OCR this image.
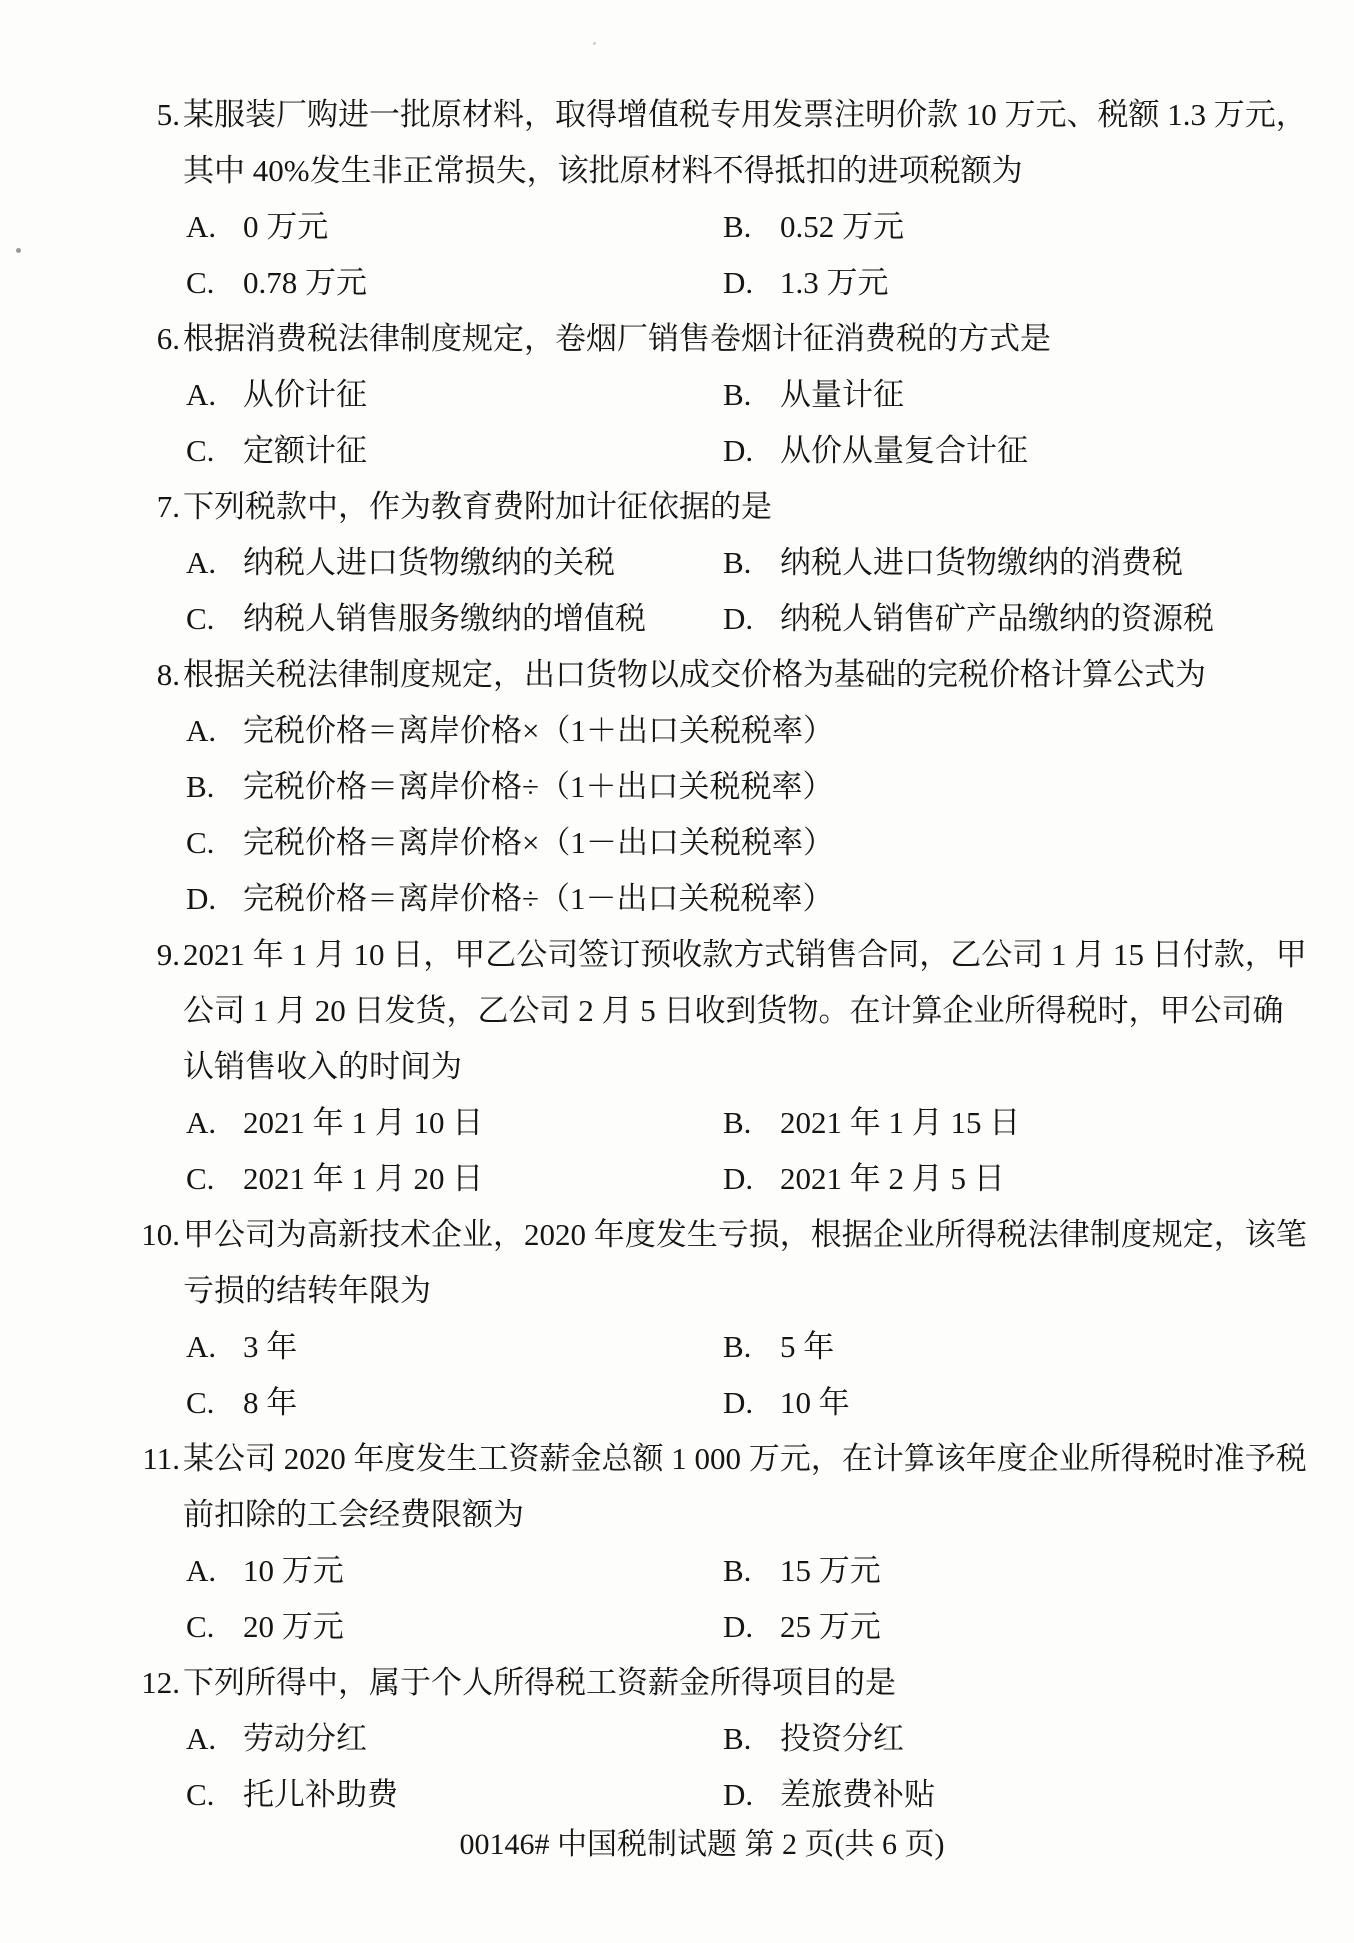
00146# 中国税制试题 第 2 页(共 6 页)
5. 某服装厂购进一批原材料，取得增值税专用发票注明价款 10 万元、税额 1.3 万元，
其中 40%发生非正常损失，该批原材料不得抵扣的进项税额为
A. 0 万元	B. 0.52 万元
C. 0.78 万元	D. 1.3 万元
6. 根据消费税法律制度规定，卷烟厂销售卷烟计征消费税的方式是
A. 从价计征	B. 从量计征
C. 定额计征	D. 从价从量复合计征
7. 下列税款中，作为教育费附加计征依据的是
A. 纳税人进口货物缴纳的关税	B. 纳税人进口货物缴纳的消费税
C. 纳税人销售服务缴纳的增值税 D. 纳税人销售矿产品缴纳的资源税
8. 根据关税法律制度规定，出口货物以成交价格为基础的完税价格计算公式为
A. 完税价格＝离岸价格×（1＋出口关税税率）
B. 完税价格＝离岸价格÷（1＋出口关税税率）
C. 完税价格＝离岸价格×（1－出口关税税率）
D. 完税价格＝离岸价格÷（1－出口关税税率）
9. 2021 年 1 月 10 日，甲乙公司签订预收款方式销售合同，乙公司 1 月 15 日付款，甲
公司 1 月 20 日发货，乙公司 2 月 5 日收到货物。在计算企业所得税时，甲公司确
认销售收入的时间为
A. 2021 年 1 月 10 日	B. 2021 年 1 月 15 日
C. 2021 年 1 月 20 日	D. 2021 年 2 月 5 日
10. 甲公司为高新技术企业，2020 年度发生亏损，根据企业所得税法律制度规定，该笔
亏损的结转年限为
A. 3 年	B. 5 年
C. 8 年	D. 10 年
11. 某公司 2020 年度发生工资薪金总额 1 000 万元，在计算该年度企业所得税时准予税
前扣除的工会经费限额为
A. 10 万元	B. 15 万元
C. 20 万元	D. 25 万元
12. 下列所得中，属于个人所得税工资薪金所得项目的是
A. 劳动分红	B. 投资分红
C. 托儿补助费	D. 差旅费补贴
